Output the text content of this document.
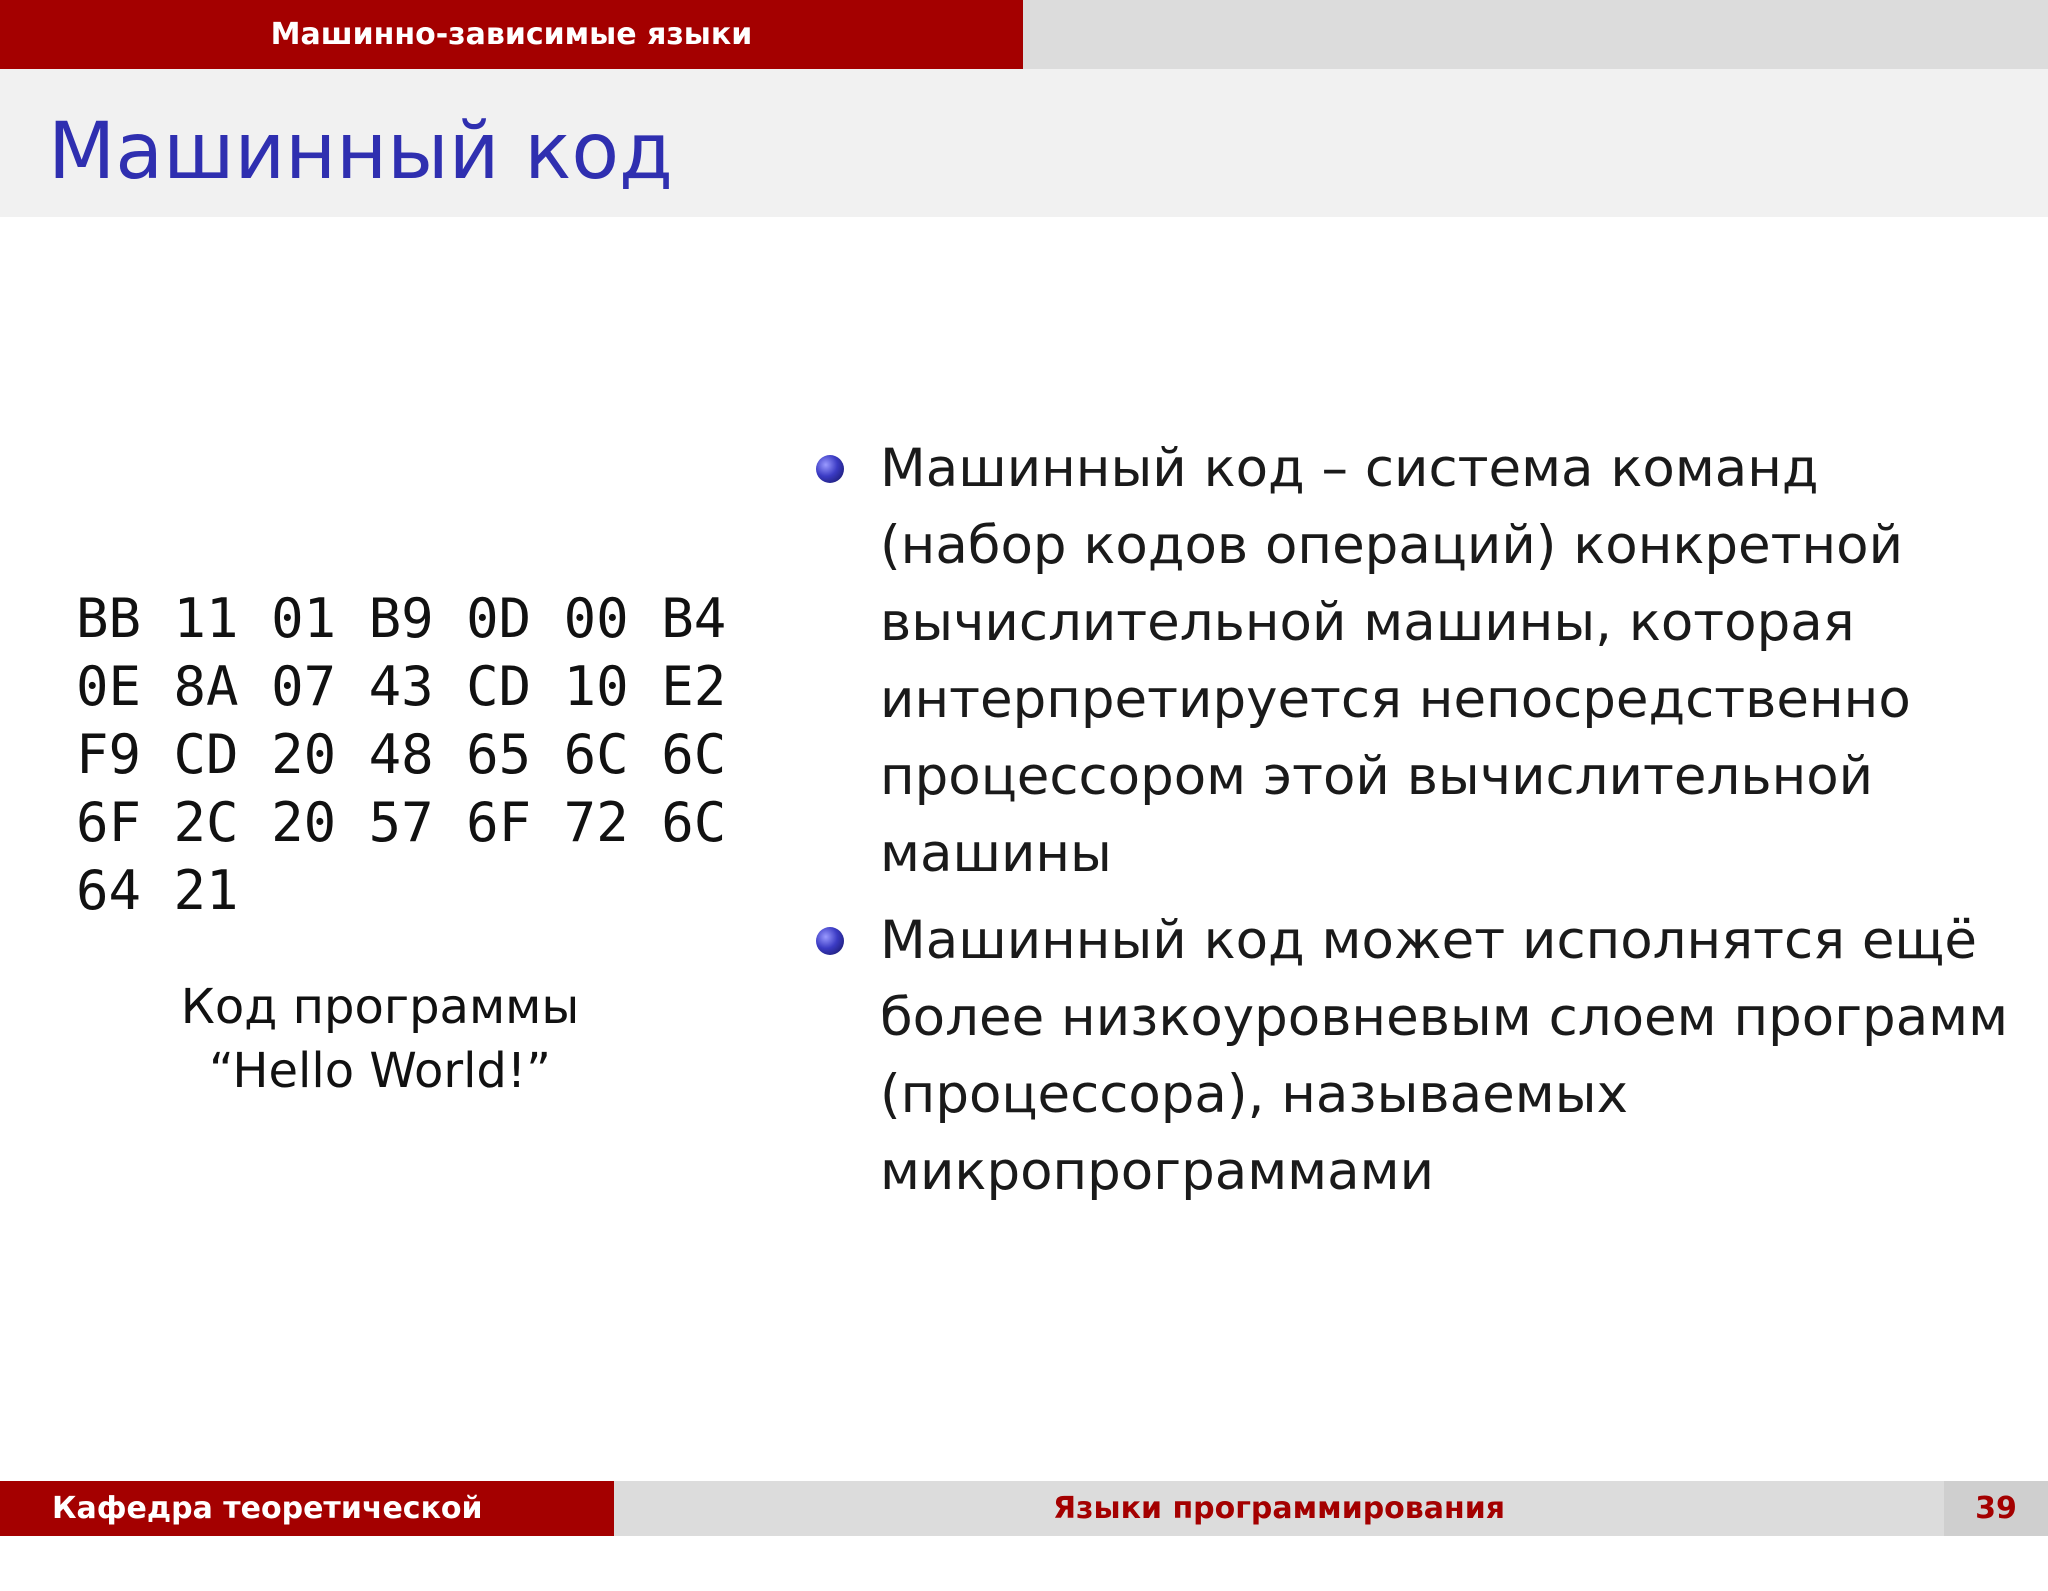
Машинно-зависимые языки
Машинный код
BB 11 01 B9 0D 00 B4
0E 8A 07 43 CD 10 E2
F9 CD 20 48 65 6C 6C
6F 2C 20 57 6F 72 6C
64 21
Код программы
“Hello World!”
Машинный код – система команд (набор кодов операций) конкретной вычислительной машины, которая интерпретируется непосредственно процессором этой вычислительной машины
Машинный код может исполнятся ещё более низкоуровневым слоем программ (процессора), называемых микропрограммами
Кафедра теоретической механики
Языки программирования	39
